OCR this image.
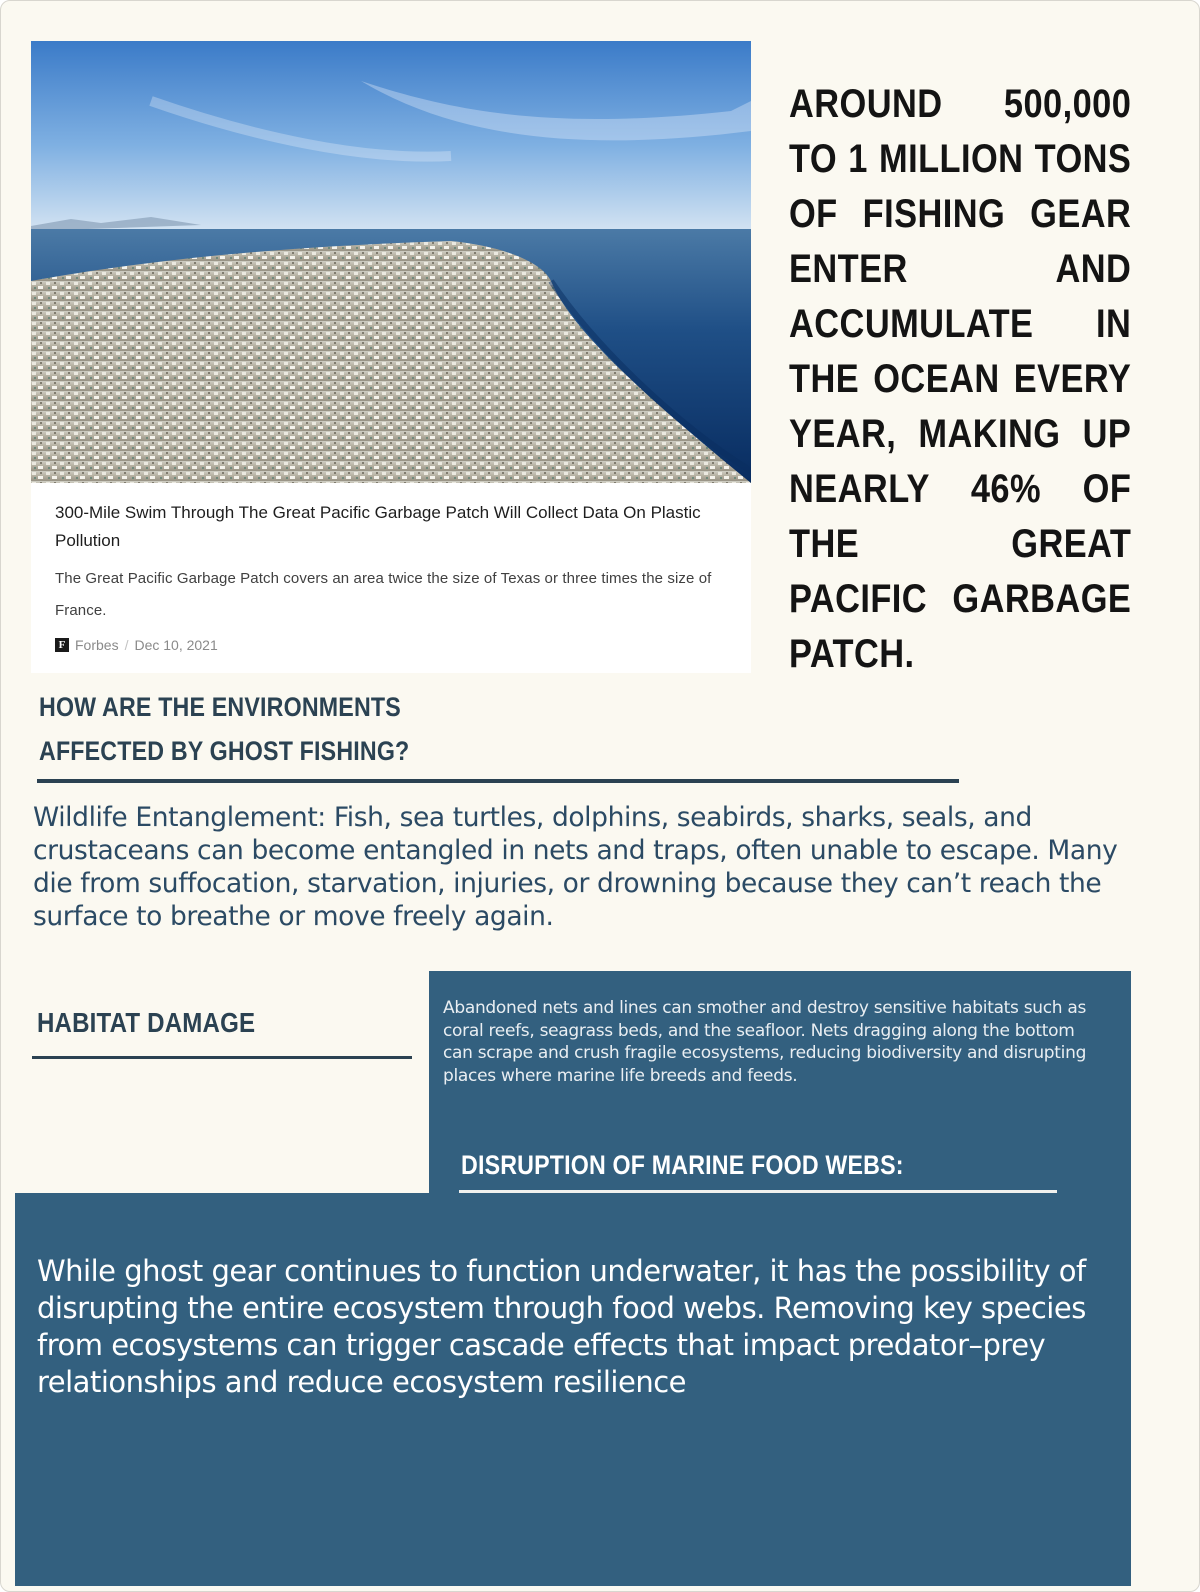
300-Mile Swim Through The Great Pacific Garbage Patch Will Collect Data On Plastic Pollution

The Great Pacific Garbage Patch covers an area twice the size of Texas or three times the size of France.

F Forbes / Dec 10, 2021
AROUND 500,000 TO 1 MILLION TONS OF FISHING GEAR ENTER AND ACCUMULATE IN THE OCEAN EVERY YEAR, MAKING UP NEARLY 46% OF THE GREAT PACIFIC GARBAGE PATCH.
HOW ARE THE ENVIRONMENTS
AFFECTED BY GHOST FISHING?
Wildlife Entanglement: Fish, sea turtles, dolphins, seabirds, sharks, seals, and crustaceans can become entangled in nets and traps, often unable to escape. Many die from suffocation, starvation, injuries, or drowning because they can’t reach the surface to breathe or move freely again.
HABITAT DAMAGE	Abandoned nets and lines can smother and destroy sensitive habitats such as coral reefs, seagrass beds, and the seafloor. Nets dragging along the bottom can scrape and crush fragile ecosystems, reducing biodiversity and disrupting places where marine life breeds and feeds.
DISRUPTION OF MARINE FOOD WEBS:
While ghost gear continues to function underwater, it has the possibility of disrupting the entire ecosystem through food webs. Removing key species from ecosystems can trigger cascade effects that impact predator–prey relationships and reduce ecosystem resilience
